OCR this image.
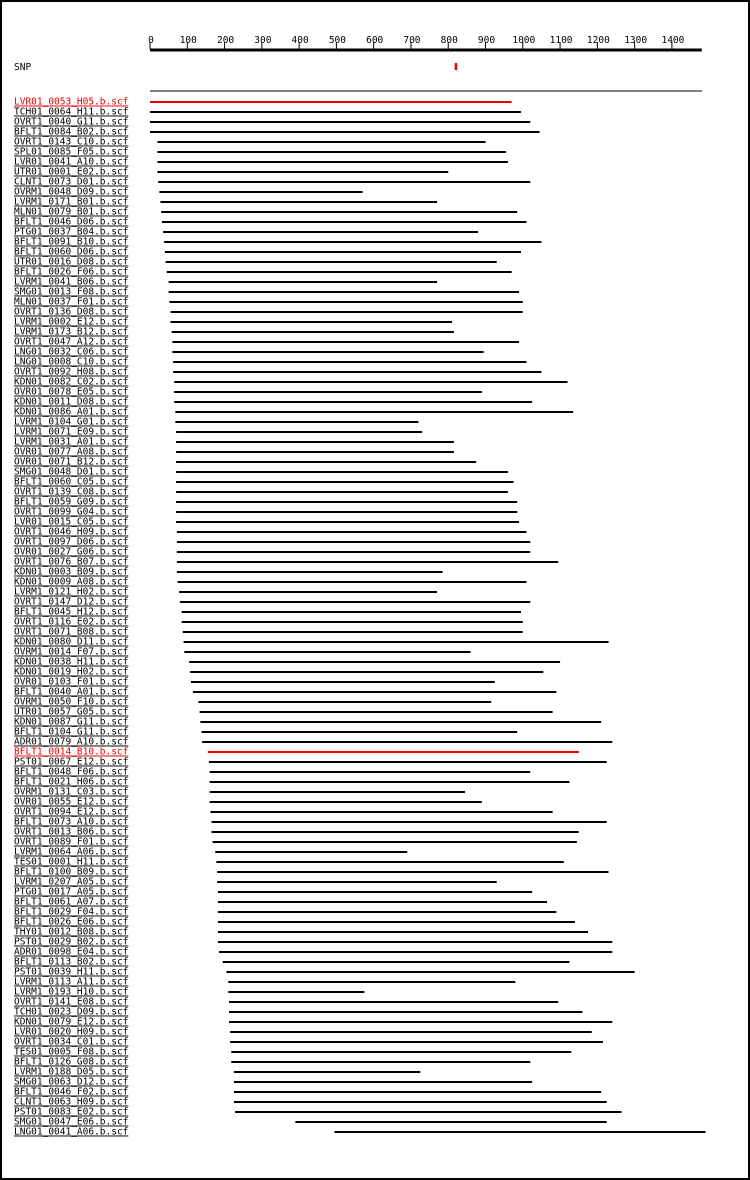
0	100 200 300 400 500 600 700 800 900 1000 1100 1200 1300 1400
SNP
LVR01_0053_H05.b.scf
TCH01_0064_H11.b.scf
OVRT1_0040_G11.b.scf
BFLT1_0084_B02.b.scf
OVRT1_0143_C10.b.scf
SPL01_0085_F05.b.scf
LVR01_0041_A10.b.scf
UTR01_0001_E02.b.scf
CLNT1_0073_D01.b.scf
OVRM1_0048_D09.b.scf
LVRM1_0171_B01.b.scf
MLN01_0079_B01.b.scf
BFLT1_0046_D06.b.scf
PTG01_0037_B04.b.scf
BFLT1_0091_B10.b.scf
BFLT1_0060_D06.b.scf
UTR01_0016_D08.b.scf
BFLT1_0026_F06.b.scf
LVRM1_0041_B06.b.scf
SMG01_0013_F08.b.scf
MLN01_0037_F01.b.scf
OVRT1_0136_D08.b.scf
LVRM1_0002_E12.b.scf
LVRM1_0173_B12.b.scf
OVRT1_0047_A12.b.scf
LNG01_0032_C06.b.scf
LNG01_0008_C10.b.scf
OVRT1_0092_H08.b.scf
KDN01_0082_C02.b.scf
OVR01_0078_E05.b.scf
KDN01_0011_D08.b.scf
KDN01_0086_A01.b.scf
LVRM1_0104_G01.b.scf
LVRM1_0071_E09.b.scf
LVRM1_0031_A01.b.scf
OVR01_0077_A08.b.scf
OVR01_0071_B12.b.scf
SMG01_0048_D01.b.scf
BFLT1_0060_C05.b.scf
OVRT1_0139_C08.b.scf
BFLT1_0059_G09.b.scf
OVRT1_0099_G04.b.scf
LVR01_0015_C05.b.scf
OVRT1_0046_H09.b.scf
OVRT1_0097_D06.b.scf
OVR01_0027_G06.b.scf
OVRT1_0076_B07.b.scf
KDN01_0003_B09.b.scf
KDN01_0009_A08.b.scf
LVRM1_0121_H02.b.scf
OVRT1_0147_D12.b.scf
BFLT1_0045_H12.b.scf
OVRT1_0116_E02.b.scf
OVRT1_0071_B08.b.scf
KDN01_0080_D11.b.scf
OVRM1_0014_F07.b.scf
KDN01_0038_H11.b.scf
KDN01_0019_H02.b.scf
OVR01_0103_F01.b.scf
BFLT1_0040_A01.b.scf
OVRM1_0050_F10.b.scf
UTR01_0057_G05.b.scf
KDN01_0087_G11.b.scf
BFLT1_0104_G11.b.scf
ADR01_0079_A10.b.scf
BFLT1_0014_B10.b.scf
PST01_0067_E12.b.scf
BFLT1_0048_F06.b.scf
BFLT1_0021_H06.b.scf
OVRM1_0131_C03.b.scf
OVR01_0055_E12.b.scf
OVRT1_0094_E12.b.scf
BFLT1_0073_A10.b.scf
OVRT1_0013_B06.b.scf
OVRT1_0089_F01.b.scf
LVRM1_0064_A06.b.scf
TES01_0001_H11.b.scf
BFLT1_0100_B09.b.scf
LVRM1_0207_A05.b.scf
PTG01_0017_A05.b.scf
BFLT1_0061_A07.b.scf
BFLT1_0029_F04.b.scf
BFLT1_0026_E06.b.scf
THY01_0012_B08.b.scf
PST01_0029_B02.b.scf
ADR01_0098_E04.b.scf
BFLT1_0113_B02.b.scf
PST01_0039_H11.b.scf
LVRM1_0113_A11.b.scf
LVRM1_0193_H10.b.scf
OVRT1_0141_E08.b.scf
TCH01_0023_D09.b.scf
KDN01_0079_E12.b.scf
LVR01_0020_H09.b.scf
OVRT1_0034_C01.b.scf
TES01_0005_F08.b.scf
BFLT1_0126_G08.b.scf
LVRM1_0188_D05.b.scf
SMG01_0063_D12.b.scf
BFLT1_0046_F02.b.scf
CLNT1_0063_H09.b.scf
PST01_0083_E02.b.scf
SMG01_0047_E06.b.scf
LNG01_0041_A06.b.scf
